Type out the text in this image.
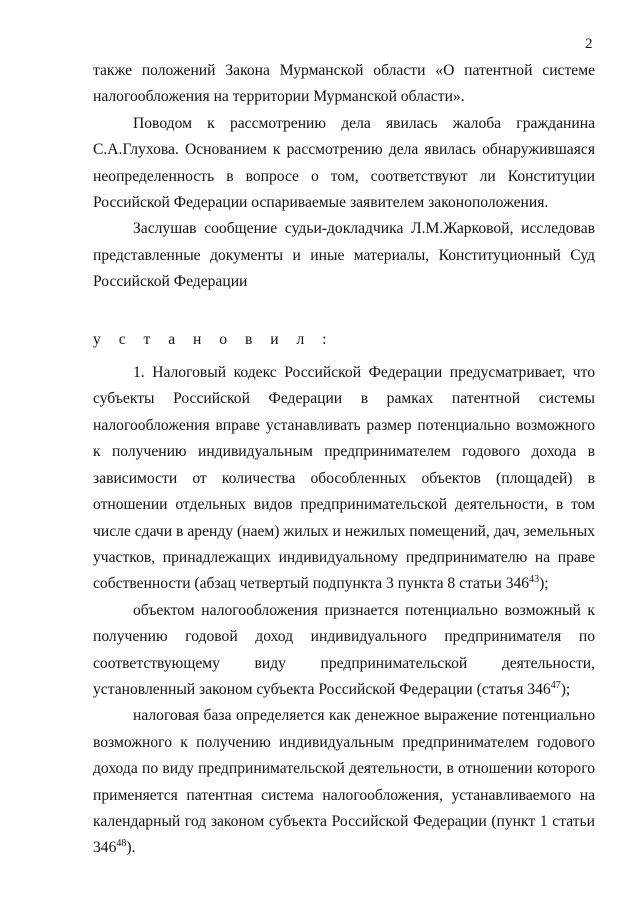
2

также положений Закона Мурманской области «О патентной системе налогообложения на территории Мурманской области».

Поводом к рассмотрению дела явилась жалоба гражданина С.А.Глухова. Основанием к рассмотрению дела явилась обнаружившаяся неопределенность в вопросе о том, соответствуют ли Конституции Российской Федерации оспариваемые заявителем законоположения.

Заслушав сообщение судьи-докладчика Л.М.Жарковой, исследовав представленные документы и иные материалы, Конституционный Суд Российской Федерации

у с т а н о в и л :

1. Налоговый кодекс Российской Федерации предусматривает, что субъекты Российской Федерации в рамках патентной системы налогообложения вправе устанавливать размер потенциально возможного к получению индивидуальным предпринимателем годового дохода в зависимости от количества обособленных объектов (площадей) в отношении отдельных видов предпринимательской деятельности, в том числе сдачи в аренду (наем) жилых и нежилых помещений, дач, земельных участков, принадлежащих индивидуальному предпринимателю на праве собственности (абзац четвертый подпункта 3 пункта 8 статьи $346^{43}$);

объектом налогообложения признается потенциально возможный к получению годовой доход индивидуального предпринимателя по соответствующему виду предпринимательской деятельности, установленный законом субъекта Российской Федерации (статья $346^{47}$);

налоговая база определяется как денежное выражение потенциально возможного к получению индивидуальным предпринимателем годового дохода по виду предпринимательской деятельности, в отношении которого применяется патентная система налогообложения, устанавливаемого на календарный год законом субъекта Российской Федерации (пункт 1 статьи $346^{48}$).
